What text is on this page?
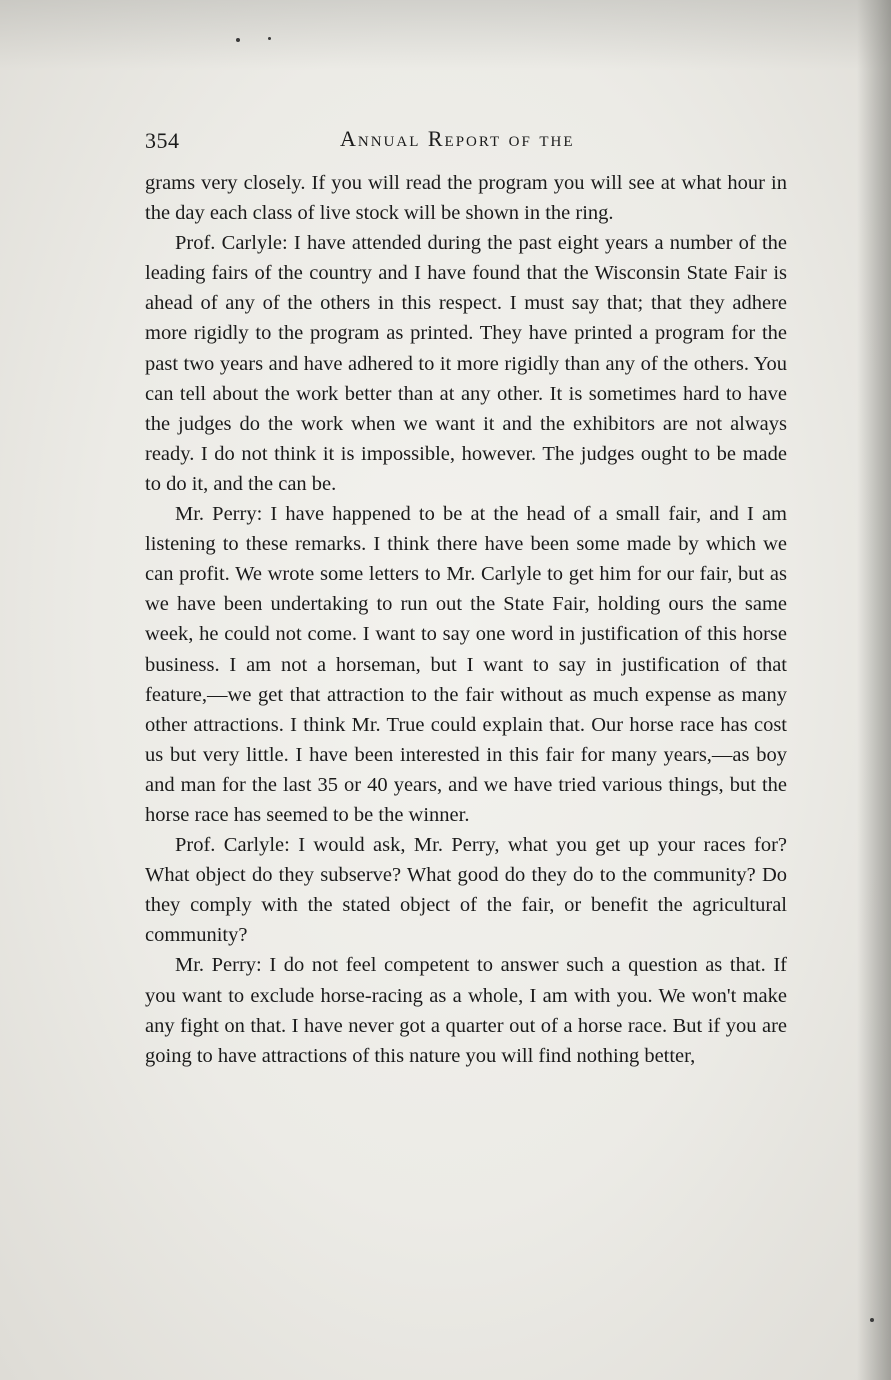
354	Annual Report of the

grams very closely. If you will read the program you will see at what hour in the day each class of live stock will be shown in the ring.

Prof. Carlyle: I have attended during the past eight years a number of the leading fairs of the country and I have found that the Wisconsin State Fair is ahead of any of the others in this respect. I must say that; that they adhere more rigidly to the program as printed. They have printed a program for the past two years and have adhered to it more rigidly than any of the others. You can tell about the work better than at any other. It is sometimes hard to have the judges do the work when we want it and the exhibitors are not always ready. I do not think it is impossible, however. The judges ought to be made to do it, and the can be.

Mr. Perry: I have happened to be at the head of a small fair, and I am listening to these remarks. I think there have been some made by which we can profit. We wrote some letters to Mr. Carlyle to get him for our fair, but as we have been undertaking to run out the State Fair, holding ours the same week, he could not come. I want to say one word in justification of this horse business. I am not a horseman, but I want to say in justification of that feature,—we get that attraction to the fair without as much expense as many other attractions. I think Mr. True could explain that. Our horse race has cost us but very little. I have been interested in this fair for many years,—as boy and man for the last 35 or 40 years, and we have tried various things, but the horse race has seemed to be the winner.

Prof. Carlyle: I would ask, Mr. Perry, what you get up your races for? What object do they subserve? What good do they do to the community? Do they comply with the stated object of the fair, or benefit the agricultural community?

Mr. Perry: I do not feel competent to answer such a question as that. If you want to exclude horse-racing as a whole, I am with you. We won't make any fight on that. I have never got a quarter out of a horse race. But if you are going to have attractions of this nature you will find nothing better,
